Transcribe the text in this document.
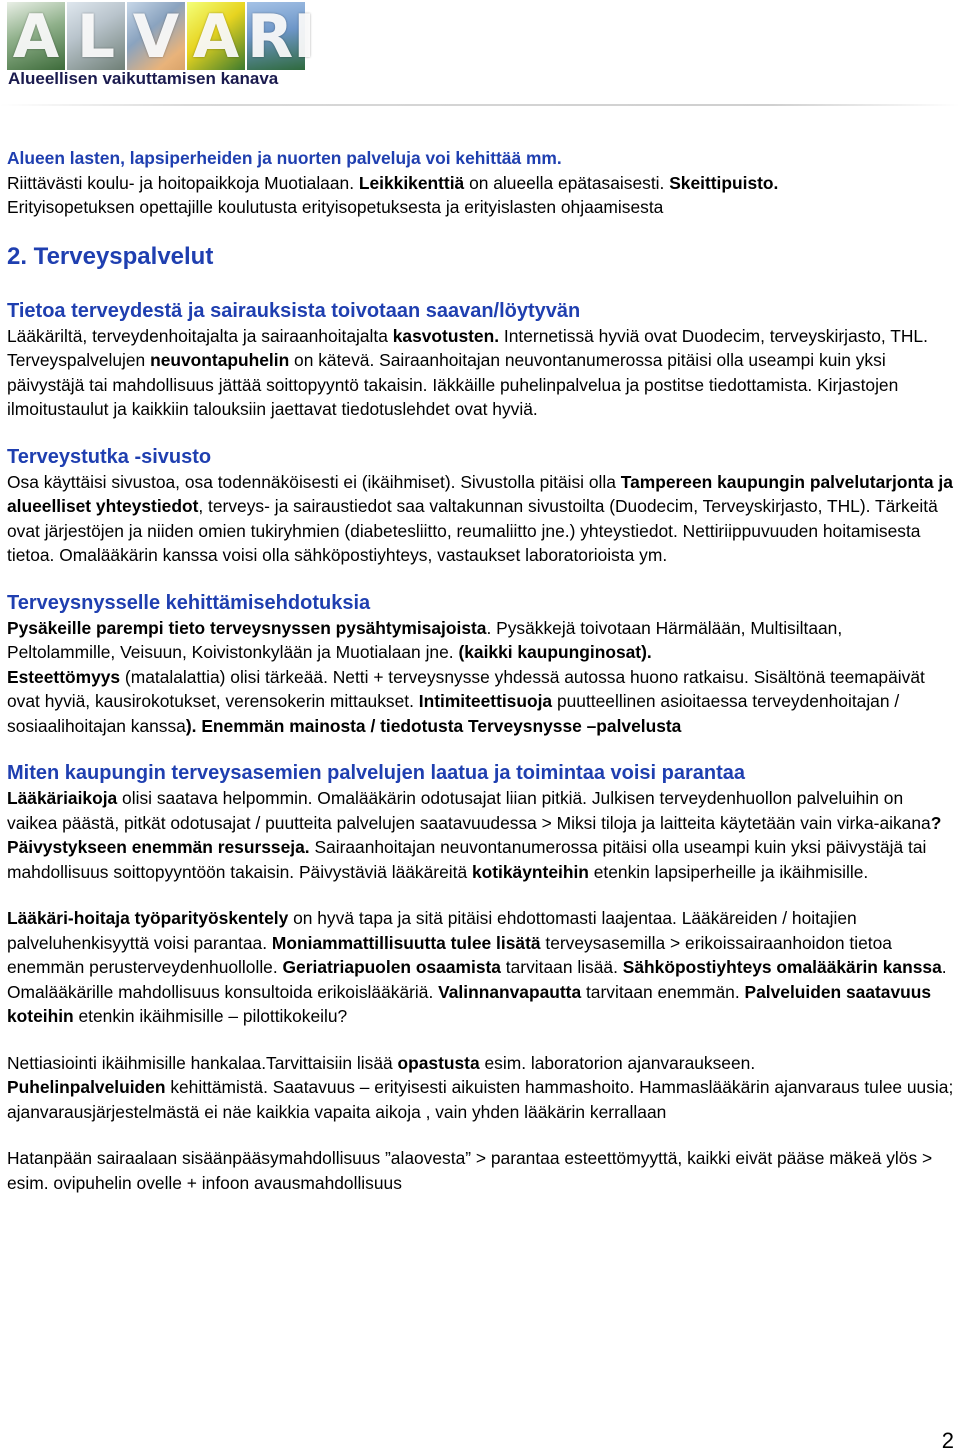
A L V A RI

Alueellisen vaikuttamisen kanava

Alueen lasten, lapsiperheiden ja nuorten palveluja voi kehittää mm.

Riittävästi koulu- ja hoitopaikkoja Muotialaan. Leikkikenttiä on alueella epätasaisesti. Skeittipuisto.

Erityisopetuksen opettajille koulutusta erityisopetuksesta ja erityislasten ohjaamisesta

2. Terveyspalvelut

Tietoa terveydestä ja sairauksista toivotaan saavan/löytyvän

Lääkäriltä, terveydenhoitajalta ja sairaanhoitajalta kasvotusten. Internetissä hyviä ovat Duodecim, terveyskirjasto, THL. Terveyspalvelujen neuvontapuhelin on kätevä. Sairaanhoitajan neuvontanumerossa pitäisi olla useampi kuin yksi päivystäjä tai mahdollisuus jättää soittopyyntö takaisin. Iäkkäille puhelinpalvelua ja postitse tiedottamista. Kirjastojen ilmoitustaulut ja kaikkiin talouksiin jaettavat tiedotuslehdet ovat hyviä.

Terveystutka -sivusto

Osa käyttäisi sivustoa, osa todennäköisesti ei (ikäihmiset). Sivustolla pitäisi olla Tampereen kaupungin palvelutarjonta ja alueelliset yhteystiedot, terveys- ja sairaustiedot saa valtakunnan sivustoilta (Duodecim, Terveyskirjasto, THL). Tärkeitä ovat järjestöjen ja niiden omien tukiryhmien (diabetesliitto, reumaliitto jne.) yhteystiedot. Nettiriippuvuuden hoitamisesta tietoa. Omalääkärin kanssa voisi olla sähköpostiyhteys, vastaukset laboratorioista ym.

Terveysnysselle kehittämisehdotuksia

Pysäkeille parempi tieto terveysnyssen pysähtymisajoista. Pysäkkejä toivotaan Härmälään, Multisiltaan, Peltolammille, Veisuun, Koivistonkylään ja Muotialaan jne. (kaikki kaupunginosat).
Esteettömyys (matalalattia) olisi tärkeää. Netti + terveysnysse yhdessä autossa huono ratkaisu. Sisältönä teemapäivät ovat hyviä, kausirokotukset, verensokerin mittaukset. Intimiteettisuoja puutteellinen asioitaessa terveydenhoitajan / sosiaalihoitajan kanssa). Enemmän mainosta / tiedotusta Terveysnysse –palvelusta

Miten kaupungin terveysasemien palvelujen laatua ja toimintaa voisi parantaa

Lääkäriaikoja olisi saatava helpommin. Omalääkärin odotusajat liian pitkiä. Julkisen terveydenhuollon palveluihin on vaikea päästä, pitkät odotusajat / puutteita palvelujen saatavuudessa > Miksi tiloja ja laitteita käytetään vain virka-aikana? Päivystykseen enemmän resursseja. Sairaanhoitajan neuvontanumerossa pitäisi olla useampi kuin yksi päivystäjä tai mahdollisuus soittopyyntöön takaisin. Päivystäviä lääkäreitä kotikäynteihin etenkin lapsiperheille ja ikäihmisille.

Lääkäri-hoitaja työparityöskentely on hyvä tapa ja sitä pitäisi ehdottomasti laajentaa. Lääkäreiden / hoitajien palveluhenkisyyttä voisi parantaa. Moniammattillisuutta tulee lisätä terveysasemilla > erikoissairaanhoidon tietoa enemmän perusterveydenhuollolle. Geriatriapuolen osaamista tarvitaan lisää. Sähköpostiyhteys omalääkärin kanssa. Omalääkärille mahdollisuus konsultoida erikoislääkäriä. Valinnanvapautta tarvitaan enemmän. Palveluiden saatavuus koteihin etenkin ikäihmisille – pilottikokeilu?

Nettiasiointi ikäihmisille hankalaa.Tarvittaisiin lisää opastusta esim. laboratorion ajanvaraukseen.
Puhelinpalveluiden kehittämistä. Saatavuus – erityisesti aikuisten hammashoito. Hammaslääkärin ajanvaraus tulee uusia; ajanvarausjärjestelmästä ei näe kaikkia vapaita aikoja , vain yhden lääkärin kerrallaan

Hatanpään sairaalaan sisäänpääsymahdollisuus ”alaovesta” > parantaa esteettömyyttä, kaikki eivät pääse mäkeä ylös > esim. ovipuhelin ovelle + infoon avausmahdollisuus

2
